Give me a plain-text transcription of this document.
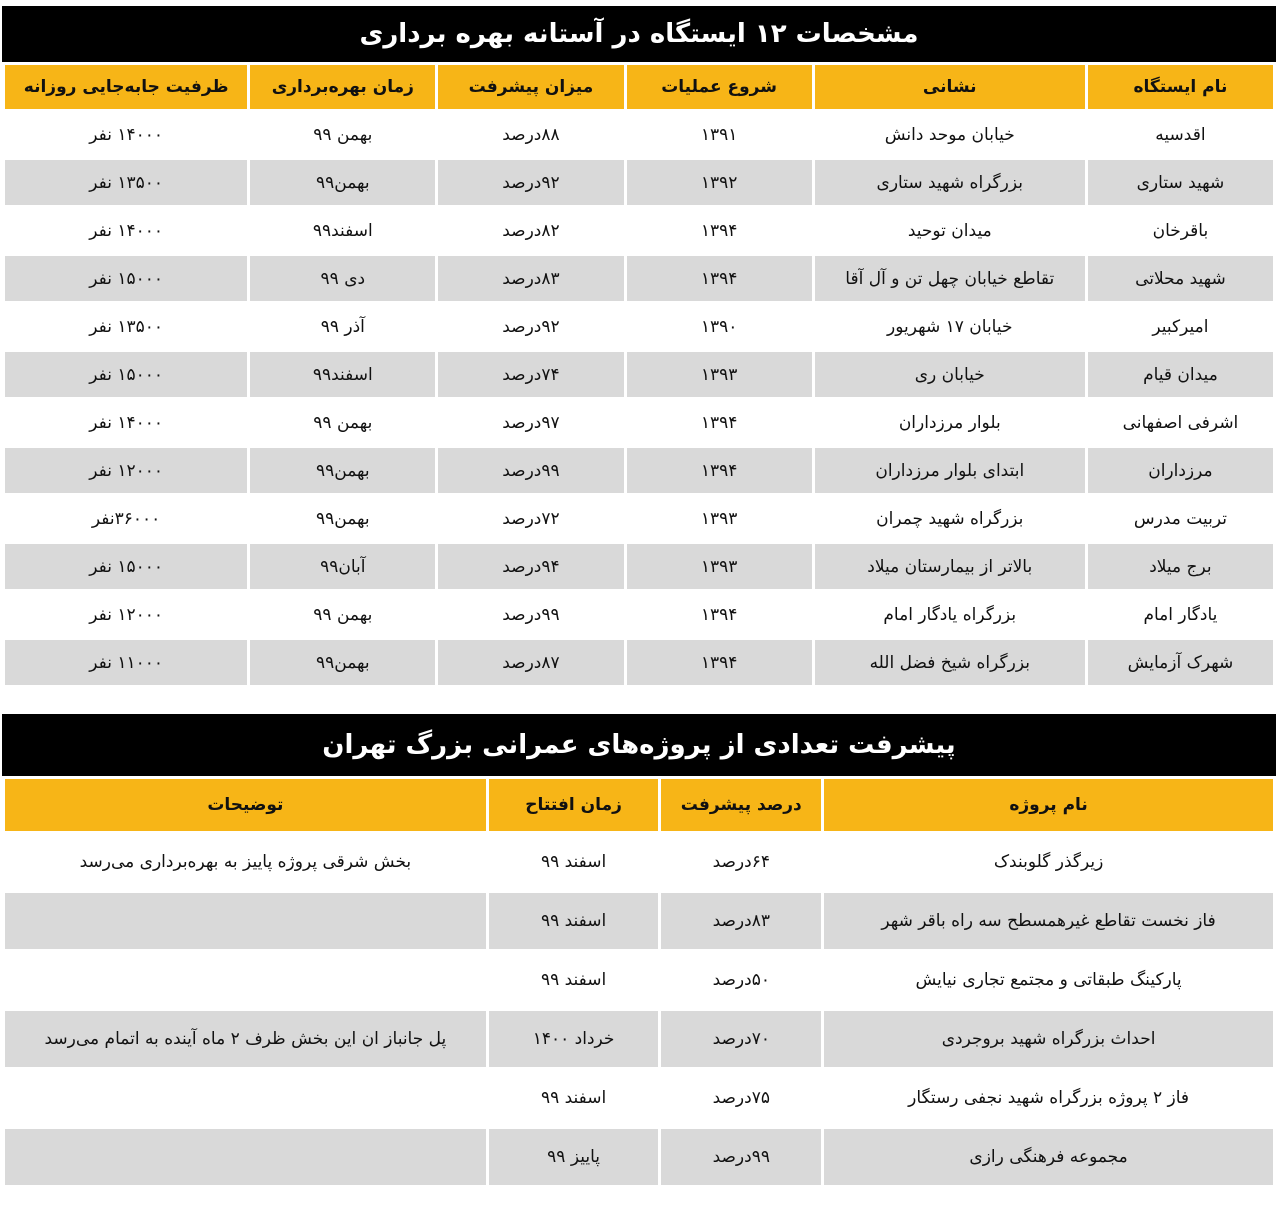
مشخصات ۱۲ ایستگاه در آستانه بهره برداری
نام ایستگاه	نشانی	شروع عملیات	میزان پیشرفت	زمان بهره‌برداری	ظرفیت جابه‌جایی روزانه
اقدسیه	خیابان موحد دانش	۱۳۹۱	۸۸درصد	بهمن ۹۹	۱۴۰۰۰ نفر
شهید ستاری	بزرگراه شهید ستاری	۱۳۹۲	۹۲درصد	بهمن۹۹	۱۳۵۰۰ نفر
باقرخان	میدان توحید	۱۳۹۴	۸۲درصد	اسفند۹۹	۱۴۰۰۰ نفر
شهید محلاتی	تقاطع خیابان چهل تن و آل آقا	۱۳۹۴	۸۳درصد	دی ۹۹	۱۵۰۰۰ نفر
امیرکبیر	خیابان ۱۷ شهریور	۱۳۹۰	۹۲درصد	آذر ۹۹	۱۳۵۰۰ نفر
میدان قیام	خیابان ری	۱۳۹۳	۷۴درصد	اسفند۹۹	۱۵۰۰۰ نفر
اشرفی اصفهانی	بلوار مرزداران	۱۳۹۴	۹۷درصد	بهمن ۹۹	۱۴۰۰۰ نفر
مرزداران	ابتدای بلوار مرزداران	۱۳۹۴	۹۹درصد	بهمن۹۹	۱۲۰۰۰ نفر
تربیت مدرس	بزرگراه شهید چمران	۱۳۹۳	۷۲درصد	بهمن۹۹	۳۶۰۰۰نفر
برج میلاد	بالاتر از بیمارستان میلاد	۱۳۹۳	۹۴درصد	آبان۹۹	۱۵۰۰۰ نفر
یادگار امام	بزرگراه یادگار امام	۱۳۹۴	۹۹درصد	بهمن ۹۹	۱۲۰۰۰ نفر
شهرک آزمایش	بزرگراه شیخ فضل الله	۱۳۹۴	۸۷درصد	بهمن۹۹	۱۱۰۰۰ نفر
پیشرفت تعدادی از پروژه‌های عمرانی بزرگ تهران
نام پروژه	درصد پیشرفت	زمان افتتاح	توضیحات
زیرگذر گلوبندک	۶۴درصد	اسفند ۹۹	بخش شرقی پروژه پاییز به بهره‌برداری می‌رسد
فاز نخست تقاطع غیرهمسطح سه راه باقر شهر	۸۳درصد	اسفند ۹۹	
پارکینگ طبقاتی و مجتمع تجاری نیایش	۵۰درصد	اسفند ۹۹	
احداث بزرگراه شهید بروجردی	۷۰درصد	خرداد ۱۴۰۰	پل جانباز ان این بخش ظرف ۲ ماه آینده به اتمام می‌رسد
فاز ۲ پروژه بزرگراه شهید نجفی رستگار	۷۵درصد	اسفند ۹۹	
مجموعه فرهنگی رازی	۹۹درصد	پاییز ۹۹	
